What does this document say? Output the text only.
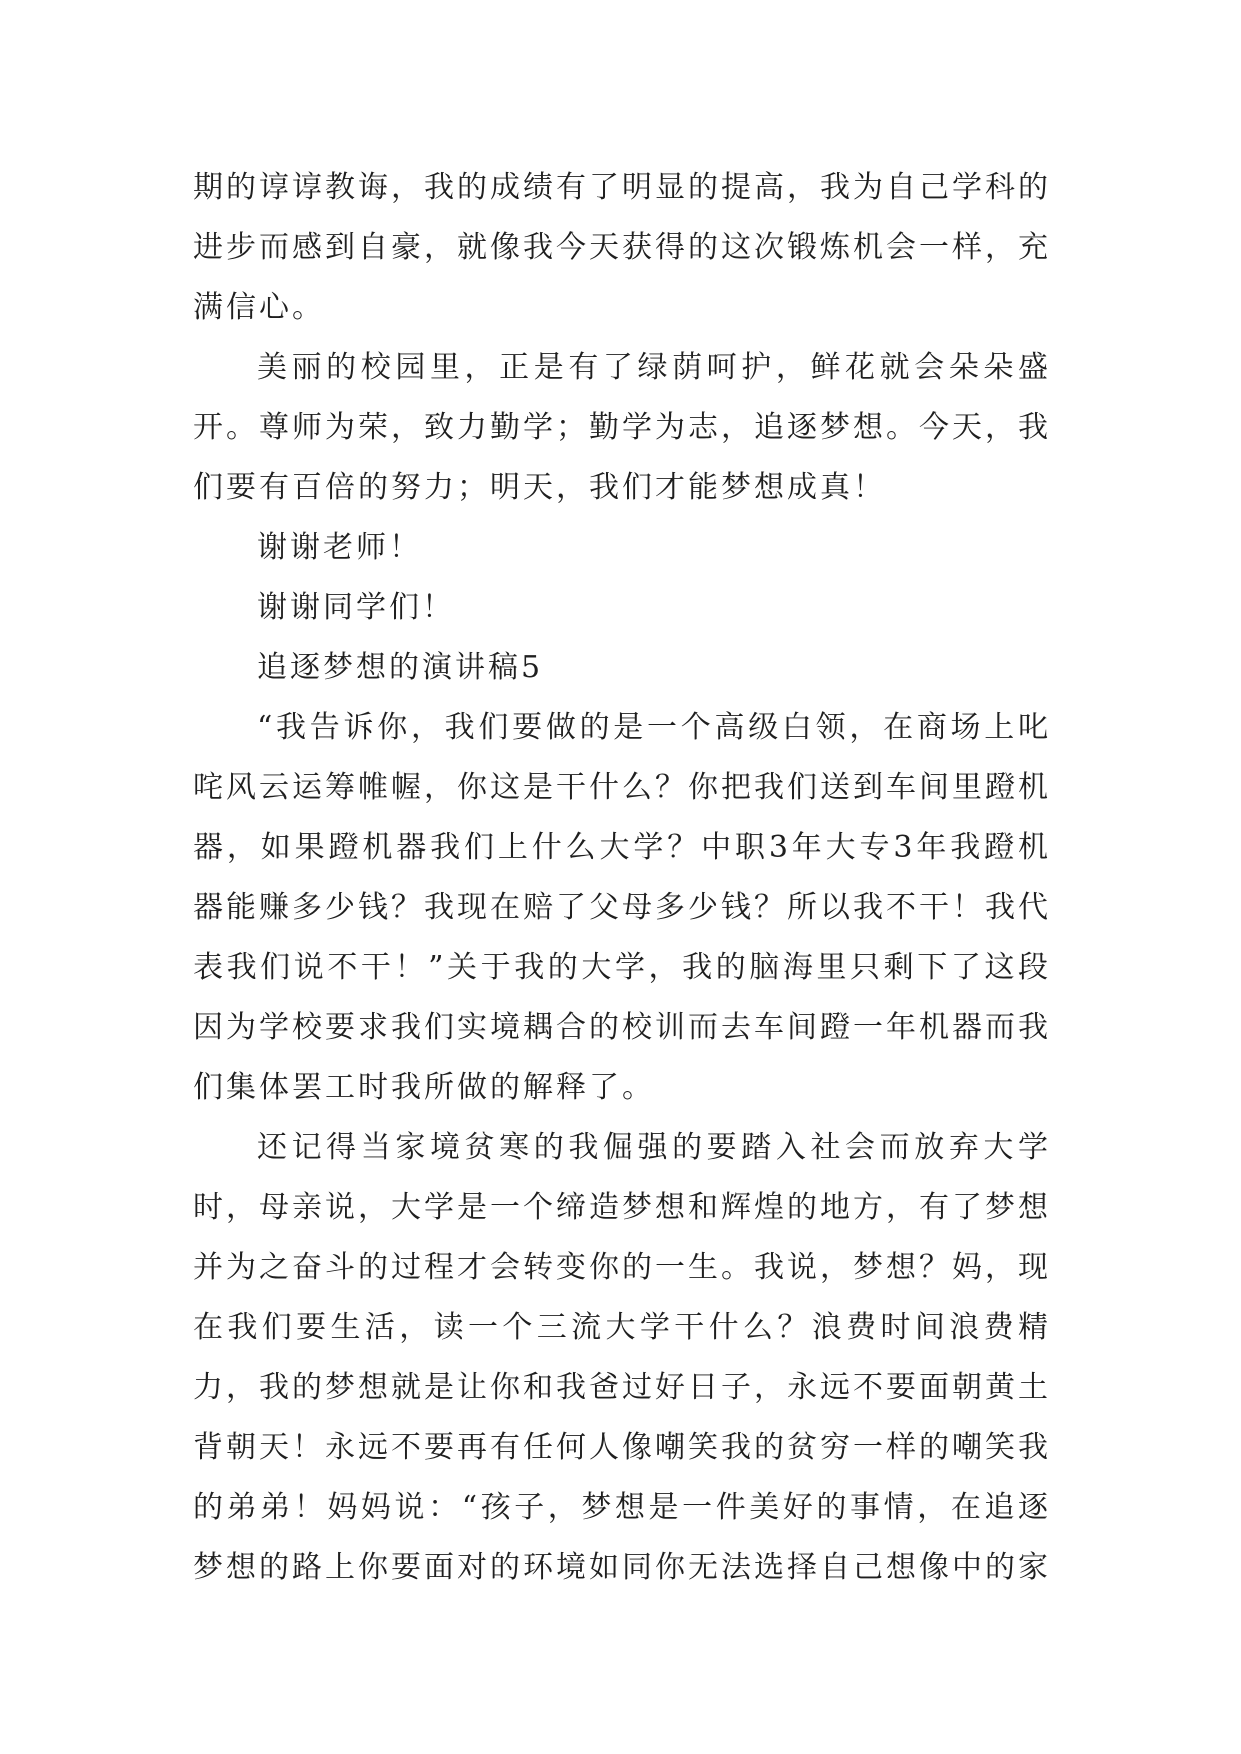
期的谆谆教诲，我的成绩有了明显的提高，我为自己学科的进步而感到自豪，就像我今天获得的这次锻炼机会一样，充满信心。

美丽的校园里，正是有了绿荫呵护，鲜花就会朵朵盛开。尊师为荣，致力勤学；勤学为志，追逐梦想。今天，我们要有百倍的努力；明天，我们才能梦想成真！

谢谢老师！

谢谢同学们！

追逐梦想的演讲稿5

“我告诉你，我们要做的是一个高级白领，在商场上叱咤风云运筹帷幄，你这是干什么？你把我们送到车间里蹬机器，如果蹬机器我们上什么大学？中职3年大专3年我蹬机器能赚多少钱？我现在赔了父母多少钱？所以我不干！我代表我们说不干！”关于我的大学，我的脑海里只剩下了这段因为学校要求我们实境耦合的校训而去车间蹬一年机器而我们集体罢工时我所做的解释了。

还记得当家境贫寒的我倔强的要踏入社会而放弃大学时，母亲说，大学是一个缔造梦想和辉煌的地方，有了梦想并为之奋斗的过程才会转变你的一生。我说，梦想？妈，现在我们要生活，读一个三流大学干什么？浪费时间浪费精力，我的梦想就是让你和我爸过好日子，永远不要面朝黄土背朝天！永远不要再有任何人像嘲笑我的贫穷一样的嘲笑我的弟弟！妈妈说：“孩子，梦想是一件美好的事情，在追逐梦想的路上你要面对的环境如同你无法选择自己想像中的家
